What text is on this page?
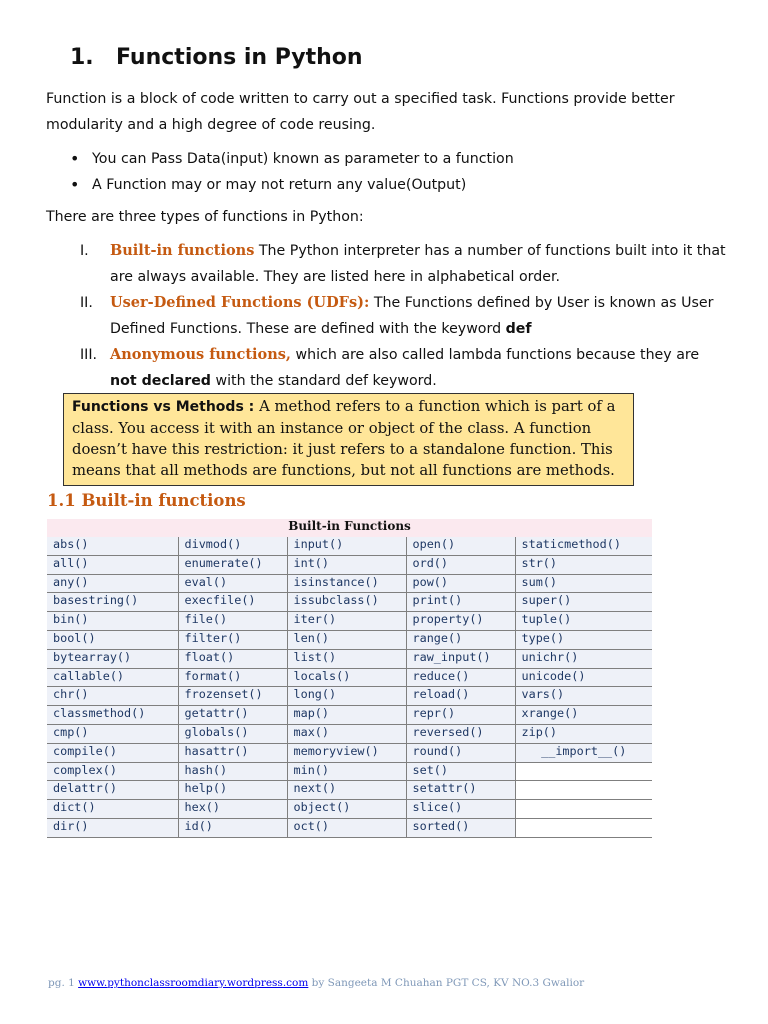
1. Functions in Python

Function is a block of code written to carry out a specified task. Functions provide better modularity and a high degree of code reusing.

• You can Pass Data(input) known as parameter to a function
• A Function may or may not return any value(Output)

There are three types of functions in Python:

I.	Built-in functions The Python interpreter has a number of functions built into it that are always available. They are listed here in alphabetical order.
II.	User-Defined Functions (UDFs): The Functions defined by User is known as User Defined Functions. These are defined with the keyword def
III. Anonymous functions, which are also called lambda functions because they are not declared with the standard def keyword.
Functions vs Methods : A method refers to a function which is part of a class. You access it with an instance or object of the class. A function doesn’t have this restriction: it just refers to a standalone function. This means that all methods are functions, but not all functions are methods.
1.1 Built-in functions
Built-in Functions				
abs()	divmod()	input()	open()	staticmethod()
all()	enumerate()	int()	ord()	str()
any()	eval()	isinstance()	pow()	sum()
basestring()	execfile()	issubclass()	print()	super()
bin()	file()	iter()	property()	tuple()
bool()	filter()	len()	range()	type()
bytearray()	float()	list()	raw_input()	unichr()
callable()	format()	locals()	reduce()	unicode()
chr()	frozenset()	long()	reload()	vars()
classmethod()	getattr()	map()	repr()	xrange()
cmp()	globals()	max()	reversed()	zip()
compile()	hasattr()	memoryview()	round()	__import__()
complex()	hash()	min()	set()	
delattr()	help()	next()	setattr()	
dict()	hex()	object()	slice()	
dir()	id()	oct()	sorted()	
pg. 1 www.pythonclassroomdiary.wordpress.com by Sangeeta M Chuahan PGT CS, KV NO.3 Gwalior
